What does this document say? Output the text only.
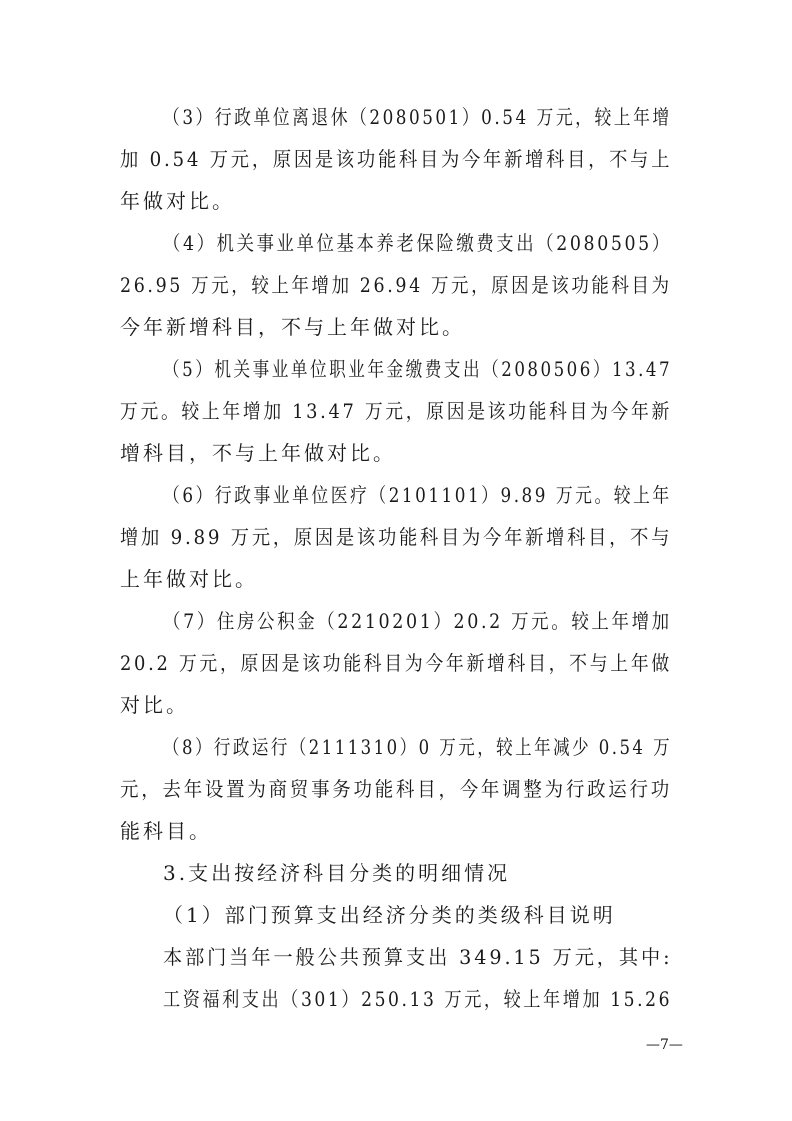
（3）行政单位离退休（2080501）0.54 万元，较上年增
加 0.54 万元，原因是该功能科目为今年新增科目，不与上
年做对比。
（4）机关事业单位基本养老保险缴费支出（2080505）
26.95 万元，较上年增加 26.94 万元，原因是该功能科目为
今年新增科目，不与上年做对比。
（5）机关事业单位职业年金缴费支出（2080506）13.47
万元。较上年增加 13.47 万元，原因是该功能科目为今年新
增科目，不与上年做对比。
（6）行政事业单位医疗（2101101）9.89 万元。较上年
增加 9.89 万元，原因是该功能科目为今年新增科目，不与
上年做对比。
（7）住房公积金（2210201）20.2 万元。较上年增加
20.2 万元，原因是该功能科目为今年新增科目，不与上年做
对比。
（8）行政运行（2111310）0 万元，较上年减少 0.54 万
元，去年设置为商贸事务功能科目，今年调整为行政运行功
能科目。
3.支出按经济科目分类的明细情况
（1）部门预算支出经济分类的类级科目说明
本部门当年一般公共预算支出 349.15 万元，其中:
工资福利支出（301）250.13 万元，较上年增加 15.26
—7—
